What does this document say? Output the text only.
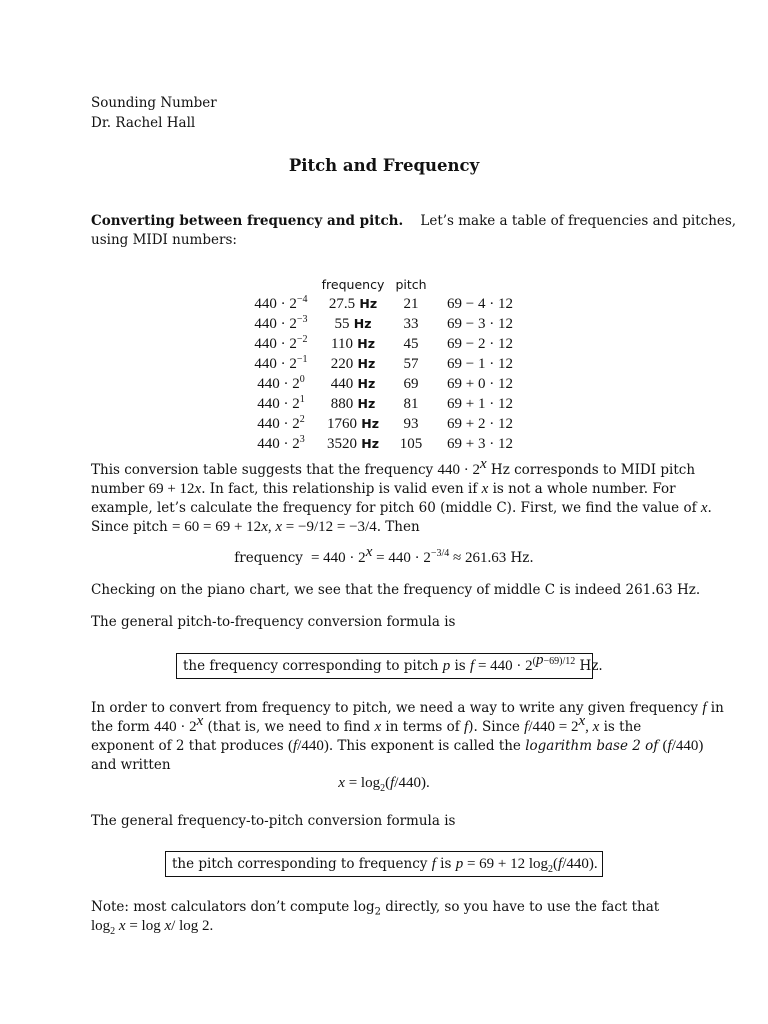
Sounding Number
Dr. Rachel Hall
Pitch and Frequency
Converting between frequency and pitch. Let’s make a table of frequencies and pitches,
using MIDI numbers:
	frequency	pitch	
$440 \cdot 2^{-4}$	27.5 Hz	21	69 − 4 · 12
$440 \cdot 2^{-3}$	55 Hz	33	69 − 3 · 12
$440 \cdot 2^{-2}$	110 Hz	45	69 − 2 · 12
$440 \cdot 2^{-1}$	220 Hz	57	69 − 1 · 12
$440 \cdot 2^0$	440 Hz	69	69 + 0 · 12
$440 \cdot 2^1$	880 Hz	81	69 + 1 · 12
$440 \cdot 2^2$	1760 Hz	93	69 + 2 · 12
$440 \cdot 2^3$	3520 Hz	105	69 + 3 · 12
This conversion table suggests that the frequency $440 \cdot 2^x$ Hz corresponds to MIDI pitch
number 69 + 12x. In fact, this relationship is valid even if x is not a whole number. For
example, let’s calculate the frequency for pitch 60 (middle C). First, we find the value of x.
Since pitch = 60 = 69 + 12x, x = −9/12 = −3/4. Then
frequency  = $440 \cdot 2^x = 440 \cdot 2^{-3/4} \approx 261.63$ Hz.
Checking on the piano chart, we see that the frequency of middle C is indeed 261.63 Hz.
The general pitch-to-frequency conversion formula is
the frequency corresponding to pitch p is $f = 440 \cdot 2^{(p-69)/12}$ Hz.
In order to convert from frequency to pitch, we need a way to write any given frequency f in
the form $440 \cdot 2^x$ (that is, we need to find x in terms of f). Since $f/440 = 2^x$, x is the
exponent of 2 that produces (f/440). This exponent is called the logarithm base 2 of (f/440)
and written
$x = \log_2(f/440)$.
The general frequency-to-pitch conversion formula is
the pitch corresponding to frequency f is p = 69 + 12 $\log_2(f/440)$.
Note: most calculators don’t compute $\log_2$ directly, so you have to use the fact that
$\log_2 x = \log x/$ log 2.
